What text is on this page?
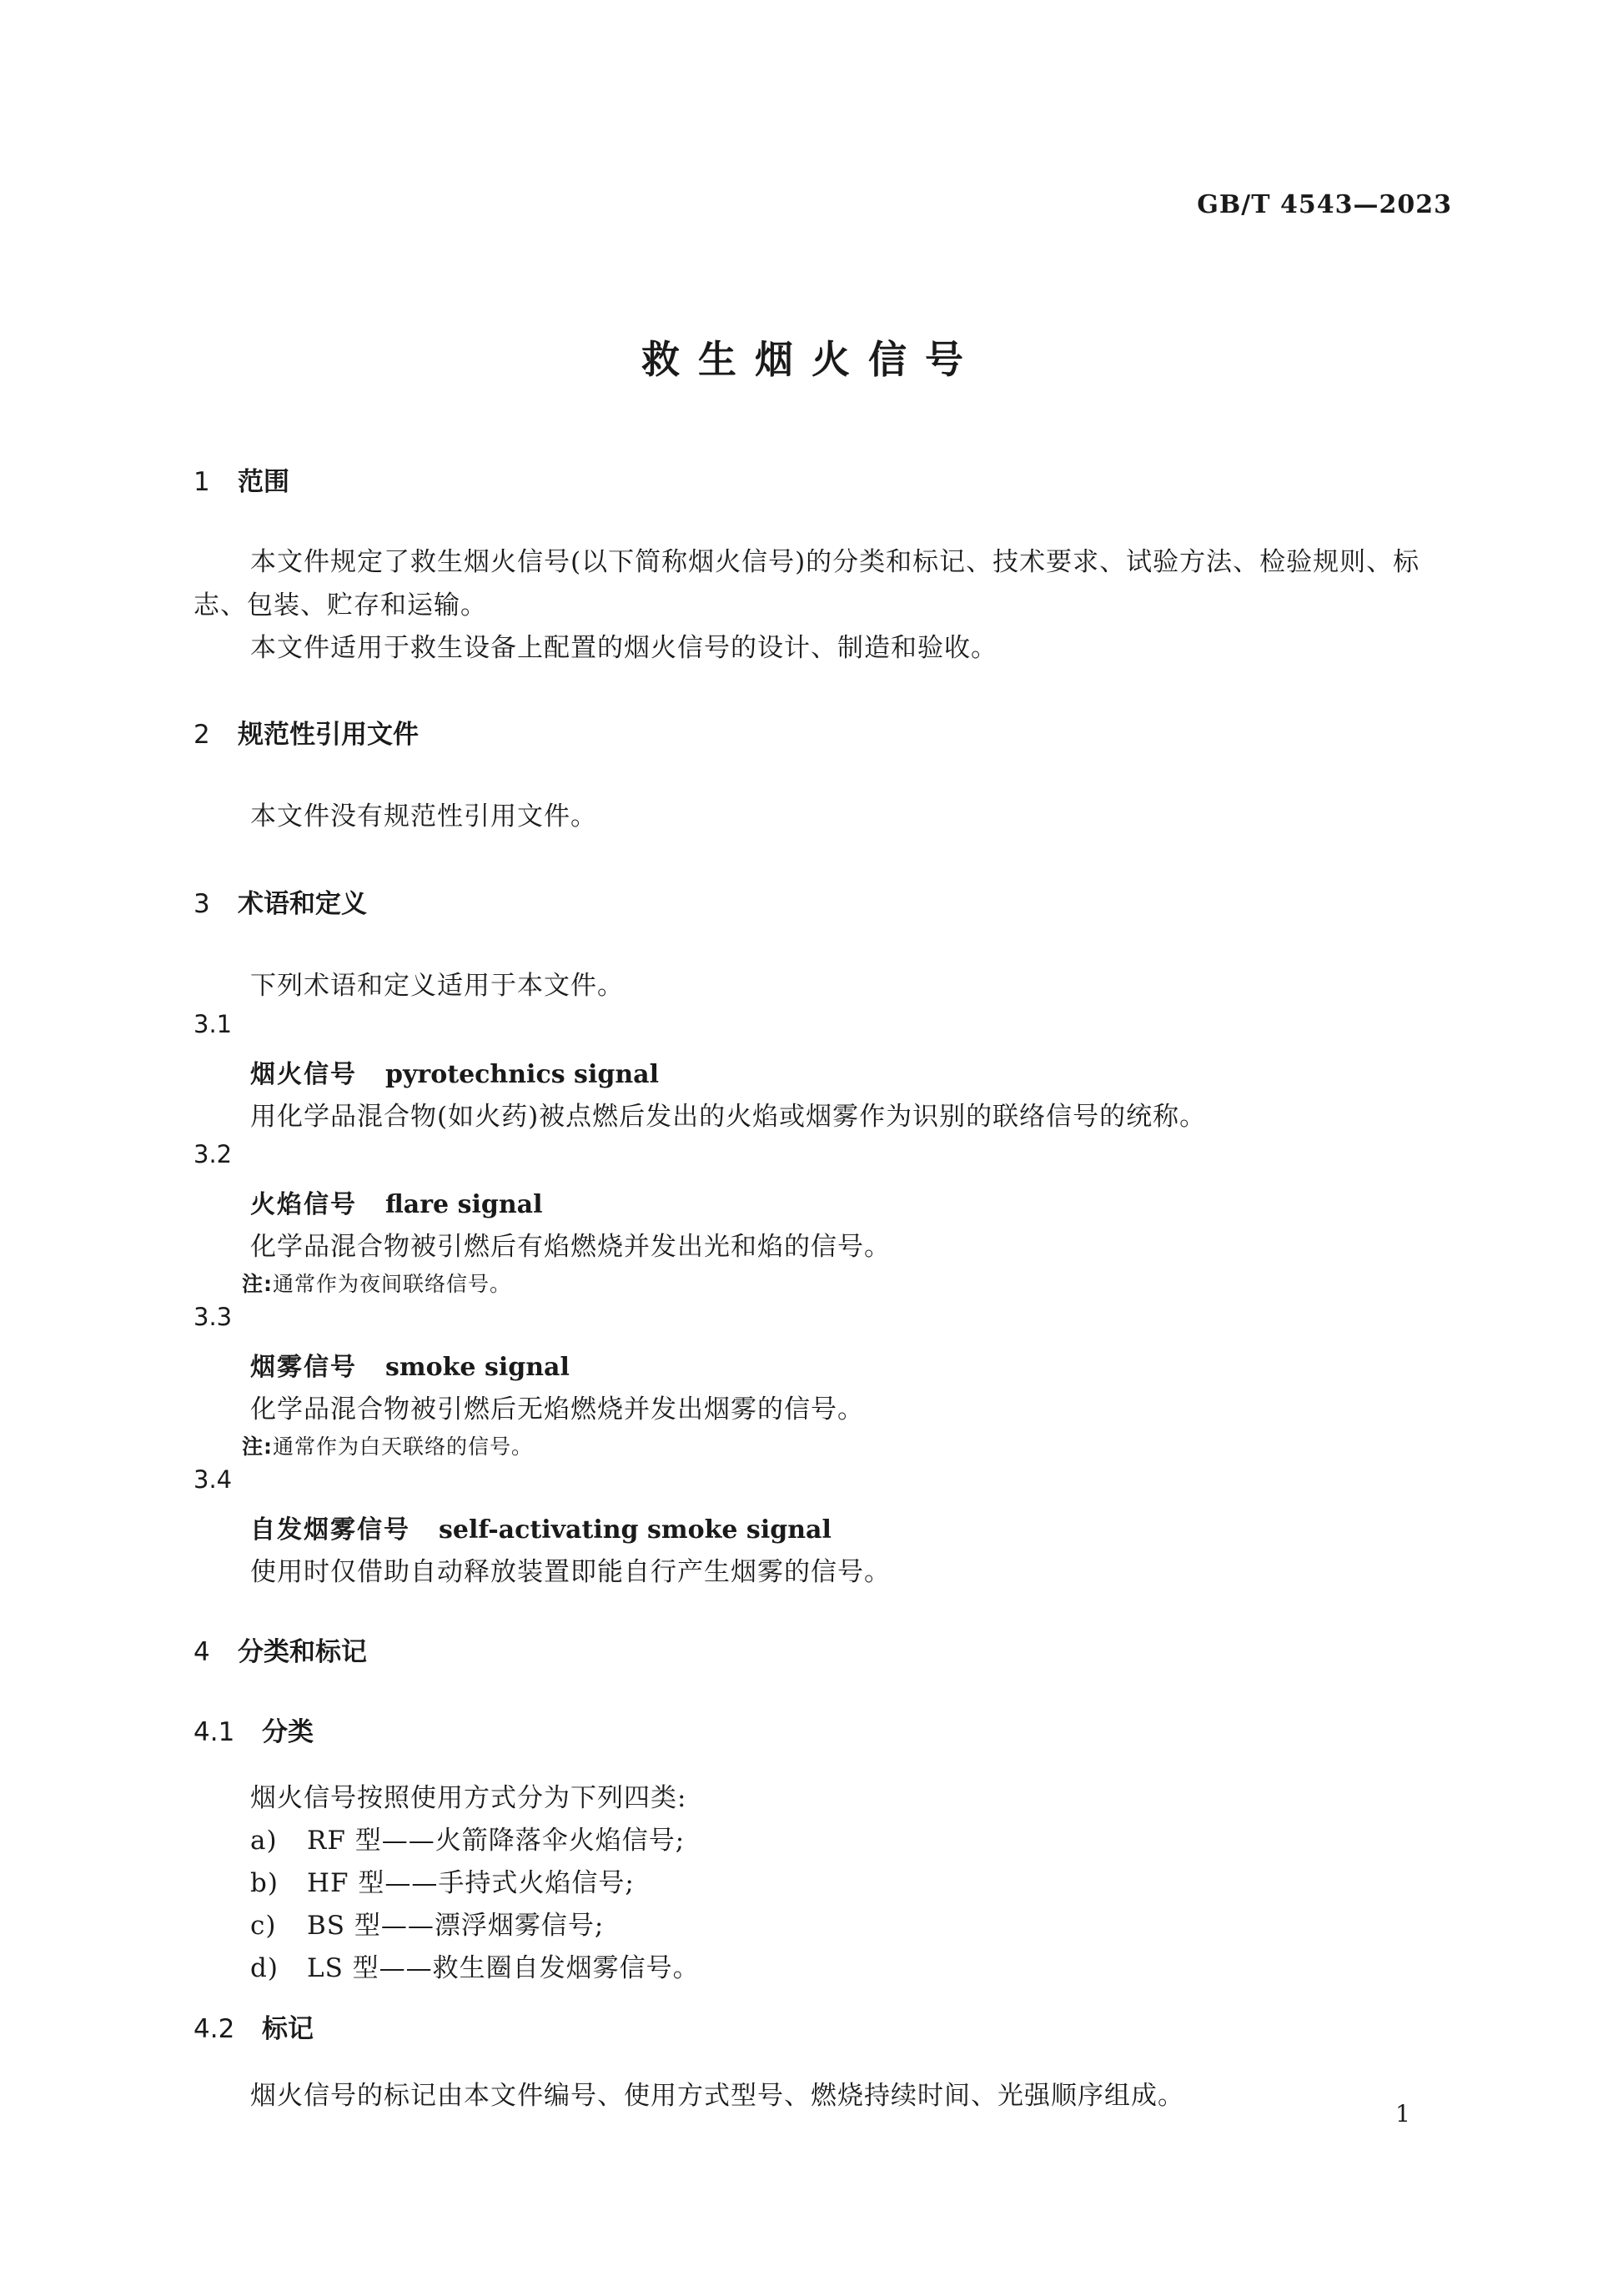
GB/T 4543—2023
救生烟火信号
1 范围
本文件规定了救生烟火信号(以下简称烟火信号)的分类和标记、技术要求、试验方法、检验规则、标志、包装、贮存和运输。
本文件适用于救生设备上配置的烟火信号的设计、制造和验收。
2 规范性引用文件
本文件没有规范性引用文件。
3 术语和定义
下列术语和定义适用于本文件。
3.1
烟火信号 pyrotechnics signal
用化学品混合物(如火药)被点燃后发出的火焰或烟雾作为识别的联络信号的统称。
3.2
火焰信号 flare signal
化学品混合物被引燃后有焰燃烧并发出光和焰的信号。
注:通常作为夜间联络信号。
3.3
烟雾信号 smoke signal
化学品混合物被引燃后无焰燃烧并发出烟雾的信号。
注:通常作为白天联络的信号。
3.4
自发烟雾信号 self-activating smoke signal
使用时仅借助自动释放装置即能自行产生烟雾的信号。
4 分类和标记
4.1 分类
烟火信号按照使用方式分为下列四类:
a) RF 型——火箭降落伞火焰信号;
b) HF 型——手持式火焰信号;
c) BS 型——漂浮烟雾信号;
d) LS 型——救生圈自发烟雾信号。
4.2 标记
烟火信号的标记由本文件编号、使用方式型号、燃烧持续时间、光强顺序组成。
1
